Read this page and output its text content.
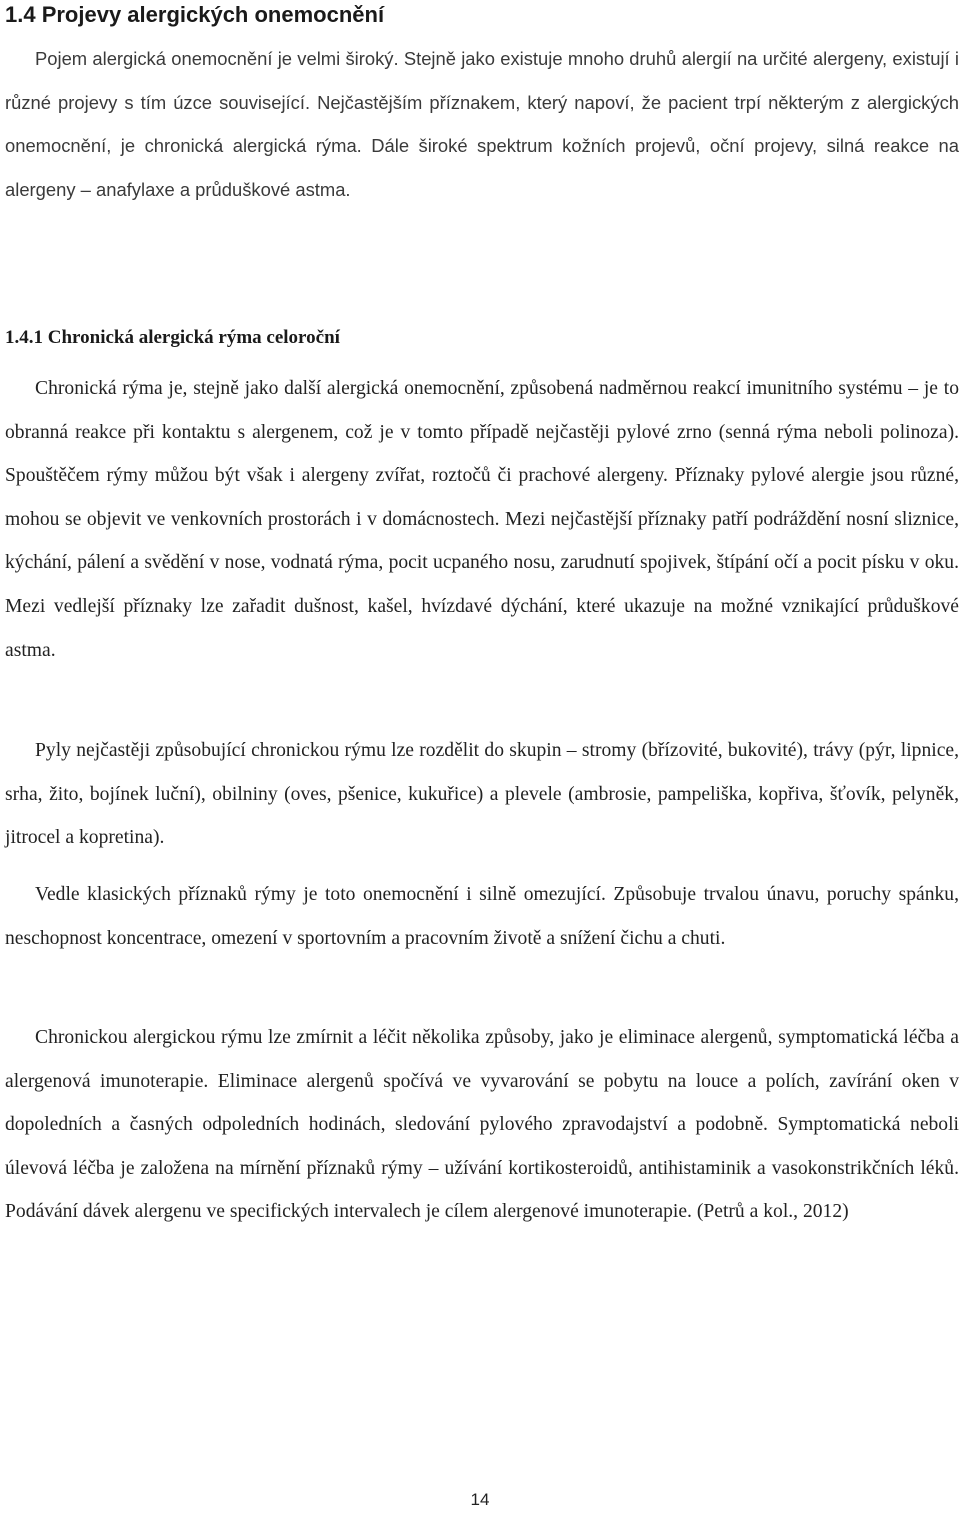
1.4 Projevy alergických onemocnění

Pojem alergická onemocnění je velmi široký. Stejně jako existuje mnoho druhů alergií na určité alergeny, existují i různé projevy s tím úzce související. Nejčastějším příznakem, který napoví, že pacient trpí některým z alergických onemocnění, je chronická alergická rýma. Dále široké spektrum kožních projevů, oční projevy, silná reakce na alergeny – anafylaxe a průduškové astma.

1.4.1 Chronická alergická rýma celoroční

Chronická rýma je, stejně jako další alergická onemocnění, způsobená nadměrnou reakcí imunitního systému – je to obranná reakce při kontaktu s alergenem, což je v tomto případě nejčastěji pylové zrno (senná rýma neboli polinoza). Spouštěčem rýmy můžou být však i alergeny zvířat, roztočů či prachové alergeny. Příznaky pylové alergie jsou různé, mohou se objevit ve venkovních prostorách i v domácnostech. Mezi nejčastější příznaky patří podráždění nosní sliznice, kýchání, pálení a svědění v nose, vodnatá rýma, pocit ucpaného nosu, zarudnutí spojivek, štípání očí a pocit písku v oku. Mezi vedlejší příznaky lze zařadit dušnost, kašel, hvízdavé dýchání, které ukazuje na možné vznikající průduškové astma.

Pyly nejčastěji způsobující chronickou rýmu lze rozdělit do skupin – stromy (břízovité, bukovité), trávy (pýr, lipnice, srha, žito, bojínek luční), obilniny (oves, pšenice, kukuřice) a plevele (ambrosie, pampeliška, kopřiva, šťovík, pelyněk, jitrocel a kopretina).

Vedle klasických příznaků rýmy je toto onemocnění i silně omezující. Způsobuje trvalou únavu, poruchy spánku, neschopnost koncentrace, omezení v sportovním a pracovním životě a snížení čichu a chuti.

Chronickou alergickou rýmu lze zmírnit a léčit několika způsoby, jako je eliminace alergenů, symptomatická léčba a alergenová imunoterapie. Eliminace alergenů spočívá ve vyvarování se pobytu na louce a polích, zavírání oken v dopoledních a časných odpoledních hodinách, sledování pylového zpravodajství a podobně. Symptomatická neboli úlevová léčba je založena na mírnění příznaků rýmy – užívání kortikosteroidů, antihistaminik a vasokonstrikčních léků. Podávání dávek alergenu ve specifických intervalech je cílem alergenové imunoterapie. (Petrů a kol., 2012)

14
